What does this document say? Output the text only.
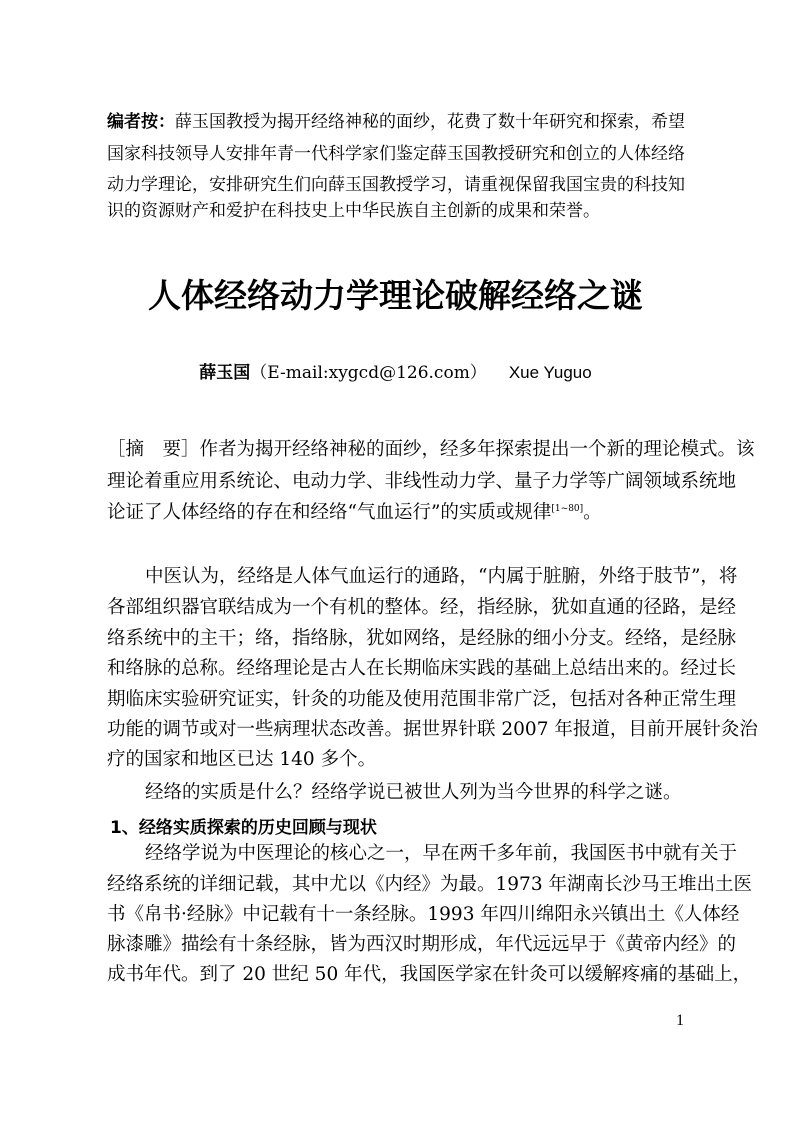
编者按：薛玉国教授为揭开经络神秘的面纱，花费了数十年研究和探索，希望
国家科技领导人安排年青一代科学家们鉴定薛玉国教授研究和创立的人体经络
动力学理论，安排研究生们向薛玉国教授学习，请重视保留我国宝贵的科技知
识的资源财产和爱护在科技史上中华民族自主创新的成果和荣誉。
人体经络动力学理论破解经络之谜
薛玉国（E-mail:xygcd@126.com） Xue Yuguo
［摘　要］作者为揭开经络神秘的面纱，经多年探索提出一个新的理论模式。该
理论着重应用系统论、电动力学、非线性动力学、量子力学等广阔领域系统地
论证了人体经络的存在和经络“气血运行”的实质或规律[1~80]。
中医认为，经络是人体气血运行的通路，“内属于脏腑，外络于肢节”，将
各部组织器官联结成为一个有机的整体。经，指经脉，犹如直通的径路，是经
络系统中的主干；络，指络脉，犹如网络，是经脉的细小分支。经络，是经脉
和络脉的总称。经络理论是古人在长期临床实践的基础上总结出来的。经过长
期临床实验研究证实，针灸的功能及使用范围非常广泛，包括对各种正常生理
功能的调节或对一些病理状态改善。据世界针联 2007 年报道，目前开展针灸治
疗的国家和地区已达 140 多个。
经络的实质是什么？经络学说已被世人列为当今世界的科学之谜。
1、经络实质探索的历史回顾与现状
经络学说为中医理论的核心之一，早在两千多年前，我国医书中就有关于
经络系统的详细记载，其中尤以《内经》为最。1973 年湖南长沙马王堆出土医
书《帛书·经脉》中记载有十一条经脉。1993 年四川绵阳永兴镇出土《人体经
脉漆雕》描绘有十条经脉，皆为西汉时期形成，年代远远早于《黄帝内经》的
成书年代。到了 20 世纪 50 年代，我国医学家在针灸可以缓解疼痛的基础上，
1
